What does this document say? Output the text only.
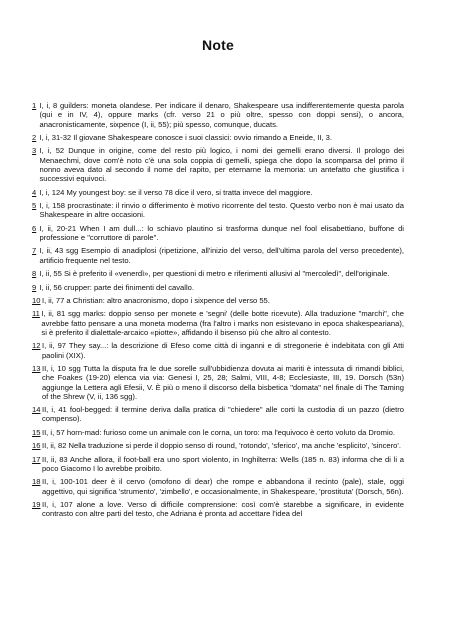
Note
1 I, i, 8 guilders: moneta olandese. Per indicare il denaro, Shakespeare usa indifferentemente questa parola (qui e in IV, 4), oppure marks (cfr. verso 21 o più oltre, spesso con doppi sensi), o ancora, anacronisticamente, sixpence (I, ii, 55); più spesso, comunque, ducats.
2 I, i, 31-32 Il giovane Shakespeare conosce i suoi classici: ovvio rimando a Eneide, II, 3.
3 I, i, 52 Dunque in origine, come del resto più logico, i nomi dei gemelli erano diversi. Il prologo dei Menaechmi, dove com'è noto c'è una sola coppia di gemelli, spiega che dopo la scomparsa del primo il nonno aveva dato al secondo il nome del rapito, per eternarne la memoria: un antefatto che giustifica i successivi equivoci.
4 I, i, 124 My youngest boy: se il verso 78 dice il vero, si tratta invece del maggiore.
5 I, i, 158 procrastinate: il rinvio o differimento è motivo ricorrente del testo. Questo verbo non è mai usato da Shakespeare in altre occasioni.
6 I, ii, 20-21 When I am dull...: lo schiavo plautino si trasforma dunque nel fool elisabettiano, buffone di professione e "corruttore di parole".
7 I, ii, 43 sgg Esempio di anadiplosi (ripetizione, all'inizio del verso, dell'ultima parola del verso precedente), artificio frequente nel testo.
8 I, ii, 55 Si è preferito il «venerdì», per questioni di metro e riferimenti allusivi al "mercoledì", dell'originale.
9 I, ii, 56 crupper: parte dei finimenti del cavallo.
10 I, ii, 77 a Christian: altro anacronismo, dopo i sixpence del verso 55.
11 I, ii, 81 sgg marks: doppio senso per monete e 'segni' (delle botte ricevute). Alla traduzione "marchi", che avrebbe fatto pensare a una moneta moderna (fra l'altro i marks non esistevano in epoca shakespeariana), si è preferito il dialettale-arcaico «piotte», affidando il bisenso più che altro al contesto.
12 I, ii, 97 They say...: la descrizione di Efeso come città di inganni e di stregonerie è indebitata con gli Atti paolini (XIX).
13 II, i, 10 sgg Tutta la disputa fra le due sorelle sull'ubbidienza dovuta ai mariti è intessuta di rimandi biblici, che Foakes (19-20) elenca via via: Genesi I, 25, 28; Salmi, VIII, 4-8; Ecclesiaste, III, 19. Dorsch (53n) aggiunge la Lettera agli Efesii, V. È più o meno il discorso della bisbetica "domata" nel finale di The Taming of the Shrew (V, ii, 136 sgg).
14 II, i, 41 fool-begged: il termine deriva dalla pratica di "chiedere" alle corti la custodia di un pazzo (dietro compenso).
15 II, i, 57 horn-mad: furioso come un animale con le corna, un toro: ma l'equivoco è certo voluto da Dromio.
16 II, ii, 82 Nella traduzione si perde il doppio senso di round, 'rotondo', 'sferico', ma anche 'esplicito', 'sincero'.
17 II, ii, 83 Anche allora, il foot-ball era uno sport violento, in Inghilterra: Wells (185 n. 83) informa che di li a poco Giacomo I lo avrebbe proibito.
18 II, i, 100-101 deer è il cervo (omofono di dear) che rompe e abbandona il recinto (pale), stale, oggi aggettivo, qui significa 'strumento', 'zimbello', e occasionalmente, in Shakespeare, 'prostituta' (Dorsch, 56n).
19 II, i, 107 alone a love. Verso di difficile comprensione: così com'è starebbe a significare, in evidente contrasto con altre parti del testo, che Adriana è pronta ad accettare l'idea del
